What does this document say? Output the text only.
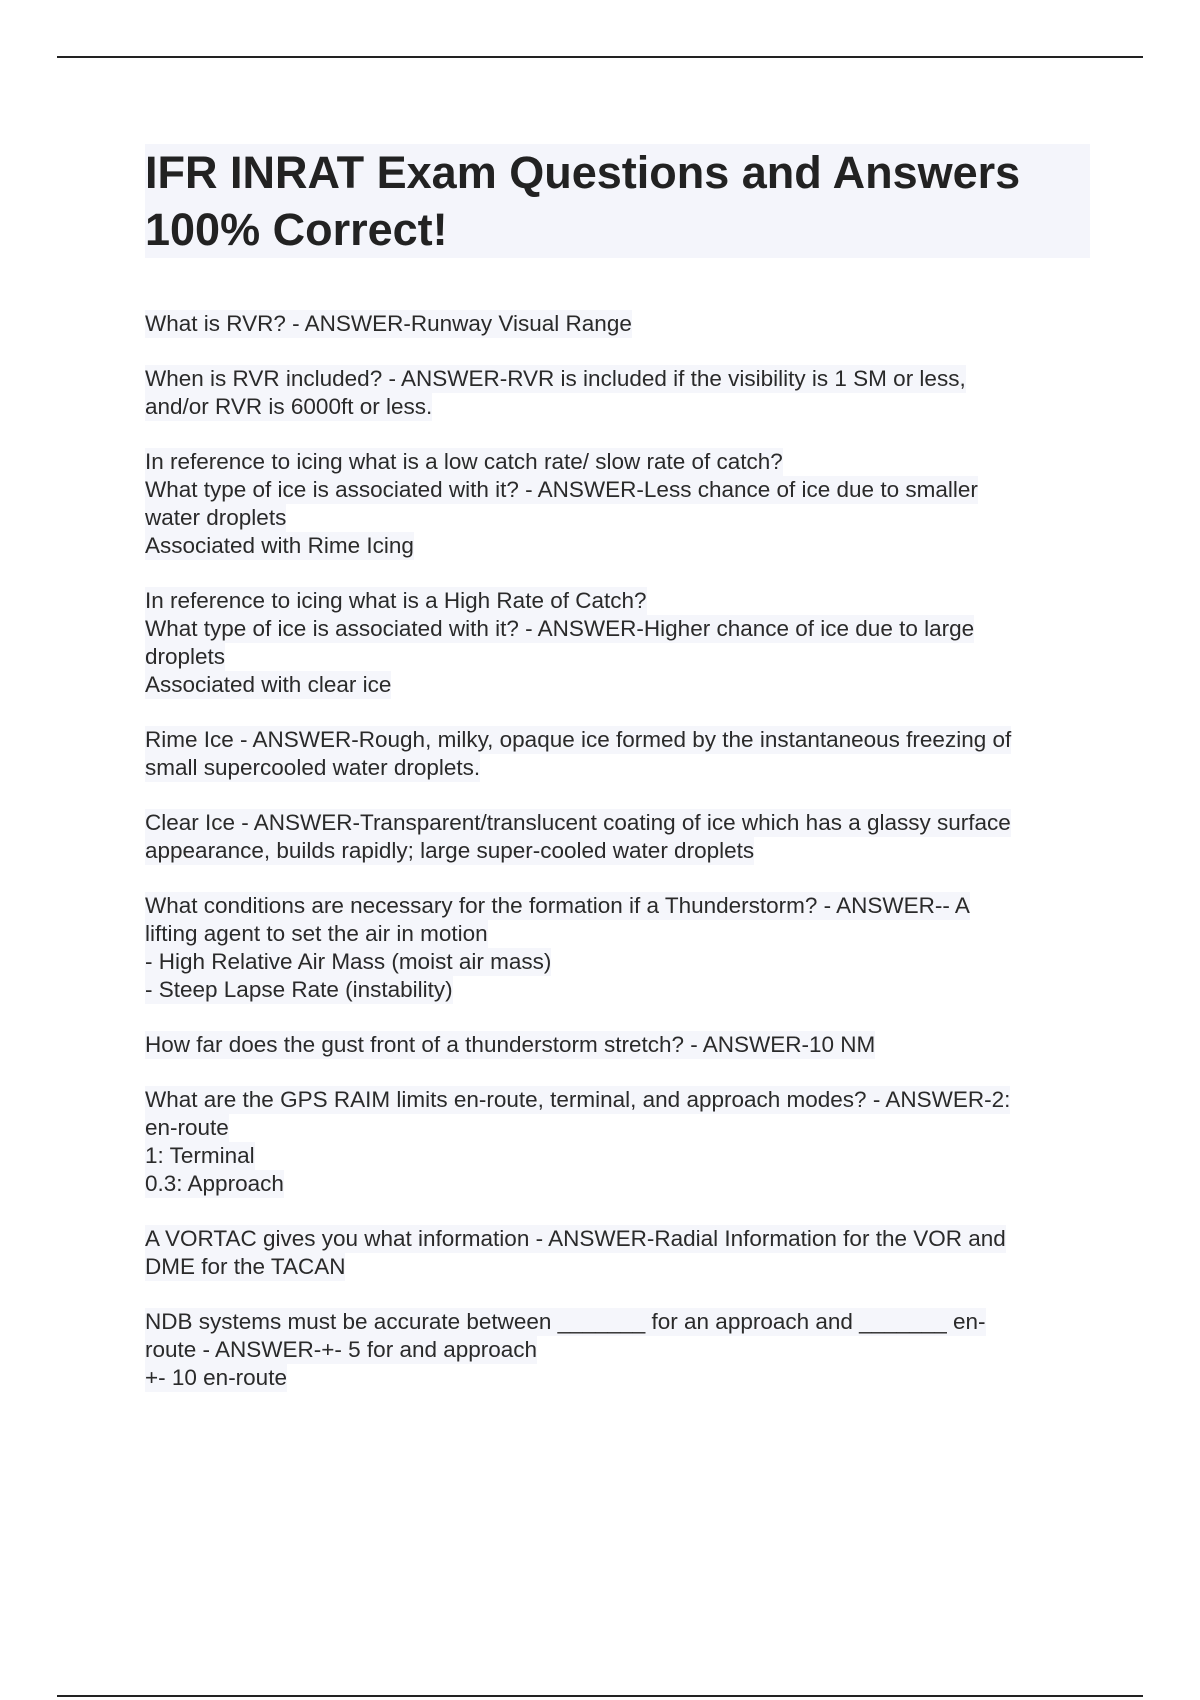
IFR INRAT Exam Questions and Answers
100% Correct!
What is RVR? - ANSWER-Runway Visual Range
When is RVR included? - ANSWER-RVR is included if the visibility is 1 SM or less,
and/or RVR is 6000ft or less.
In reference to icing what is a low catch rate/ slow rate of catch?
What type of ice is associated with it? - ANSWER-Less chance of ice due to smaller
water droplets
Associated with Rime Icing
In reference to icing what is a High Rate of Catch?
What type of ice is associated with it? - ANSWER-Higher chance of ice due to large
droplets
Associated with clear ice
Rime Ice - ANSWER-Rough, milky, opaque ice formed by the instantaneous freezing of
small supercooled water droplets.
Clear Ice - ANSWER-Transparent/translucent coating of ice which has a glassy surface
appearance, builds rapidly; large super-cooled water droplets
What conditions are necessary for the formation if a Thunderstorm? - ANSWER-- A
lifting agent to set the air in motion
- High Relative Air Mass (moist air mass)
- Steep Lapse Rate (instability)
How far does the gust front of a thunderstorm stretch? - ANSWER-10 NM
What are the GPS RAIM limits en-route, terminal, and approach modes? - ANSWER-2:
en-route
1: Terminal
0.3: Approach
A VORTAC gives you what information - ANSWER-Radial Information for the VOR and
DME for the TACAN
NDB systems must be accurate between _______ for an approach and _______ en-
route - ANSWER-+- 5 for and approach
+- 10 en-route
